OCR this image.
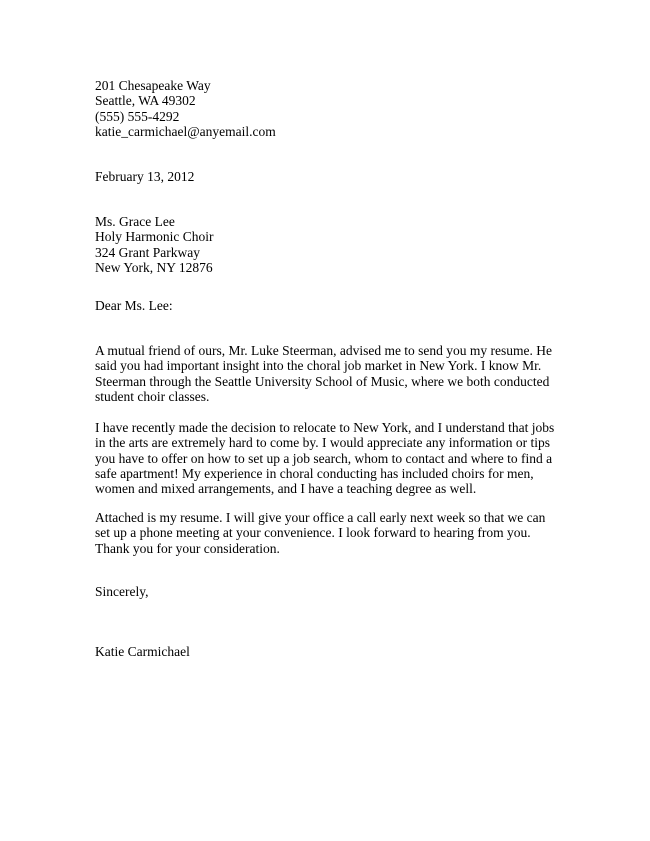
201 Chesapeake Way
Seattle, WA 49302
(555) 555-4292
katie_carmichael@anyemail.com
February 13, 2012
Ms. Grace Lee
Holy Harmonic Choir
324 Grant Parkway
New York, NY 12876
Dear Ms. Lee:

A mutual friend of ours, Mr. Luke Steerman, advised me to send you my resume. He said you had important insight into the choral job market in New York. I know Mr. Steerman through the Seattle University School of Music, where we both conducted student choir classes.

I have recently made the decision to relocate to New York, and I understand that jobs in the arts are extremely hard to come by. I would appreciate any information or tips you have to offer on how to set up a job search, whom to contact and where to find a safe apartment! My experience in choral conducting has included choirs for men, women and mixed arrangements, and I have a teaching degree as well.

Attached is my resume. I will give your office a call early next week so that we can set up a phone meeting at your convenience. I look forward to hearing from you. Thank you for your consideration.

Sincerely,
Katie Carmichael
